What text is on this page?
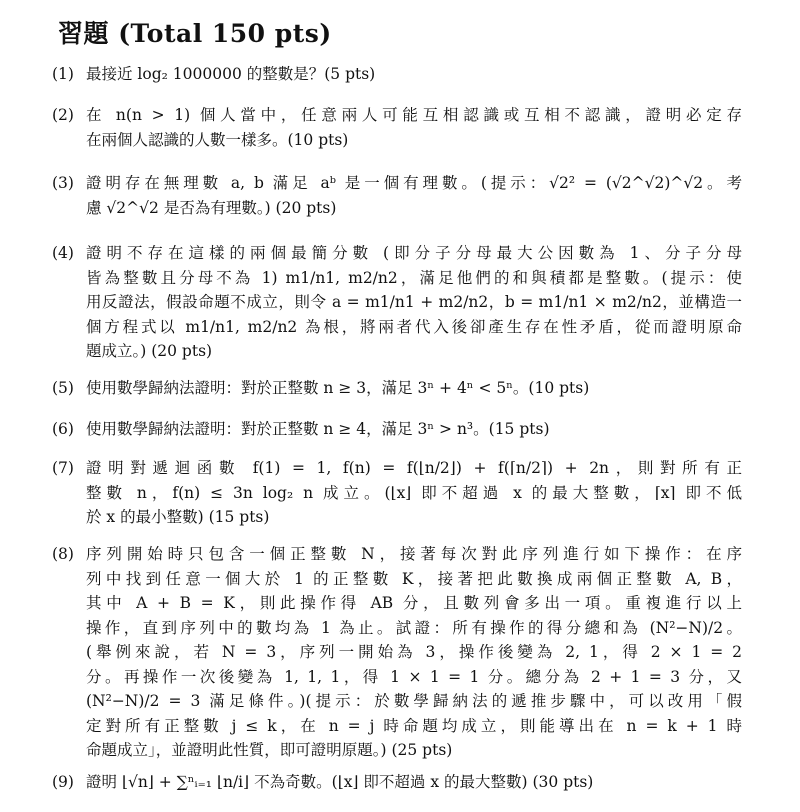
習題 (Total 150 pts)
(1) 最接近 log₂ 1000000 的整數是？(5 pts)
(2) 在 n(n > 1) 個人當中，任意兩人可能互相認識或互相不認識，證明必定存
在兩個人認識的人數一樣多。(10 pts)
(3) 證明存在無理數 a, b 滿足 aᵇ 是一個有理數。(提示：√2² = (√2^√2)^√2。考
慮 √2^√2 是否為有理數。) (20 pts)
(4) 證明不存在這樣的兩個最簡分數 (即分子分母最大公因數為 1、分子分母
皆為整數且分母不為 1) m1/n1, m2/n2，滿足他們的和與積都是整數。(提示：使
用反證法，假設命題不成立，則令 a = m1/n1 + m2/n2，b = m1/n1 × m2/n2，並構造一
個方程式以 m1/n1, m2/n2 為根，將兩者代入後卻產生存在性矛盾，從而證明原命
題成立。) (20 pts)
(5) 使用數學歸納法證明：對於正整數 n ≥ 3，滿足 3ⁿ + 4ⁿ < 5ⁿ。(10 pts)
(6) 使用數學歸納法證明：對於正整數 n ≥ 4，滿足 3ⁿ > n³。(15 pts)
(7) 證明對遞迴函數 f(1) = 1, f(n) = f(⌊n/2⌋) + f(⌈n/2⌉) + 2n，則對所有正
整數 n，f(n) ≤ 3n log₂ n 成立。(⌊x⌋ 即不超過 x 的最大整數，⌈x⌉ 即不低
於 x 的最小整數) (15 pts)
(8) 序列開始時只包含一個正整數 N，接著每次對此序列進行如下操作：在序
列中找到任意一個大於 1 的正整數 K，接著把此數換成兩個正整數 A, B，
其中 A + B = K，則此操作得 AB 分，且數列會多出一項。重複進行以上
操作，直到序列中的數均為 1 為止。試證：所有操作的得分總和為 (N²−N)/2。
(舉例來說，若 N = 3，序列一開始為 3，操作後變為 2, 1，得 2 × 1 = 2
分。再操作一次後變為 1, 1, 1，得 1 × 1 = 1 分。總分為 2 + 1 = 3 分，又
(N²−N)/2 = 3 滿足條件。)(提示：於數學歸納法的遞推步驟中，可以改用「假
定對所有正整數 j ≤ k，在 n = j 時命題均成立，則能導出在 n = k + 1 時
命題成立」，並證明此性質，即可證明原題。) (25 pts)
(9) 證明 ⌊√n⌋ + ∑ⁿᵢ₌₁ ⌊n/i⌋ 不為奇數。(⌊x⌋ 即不超過 x 的最大整數) (30 pts)
